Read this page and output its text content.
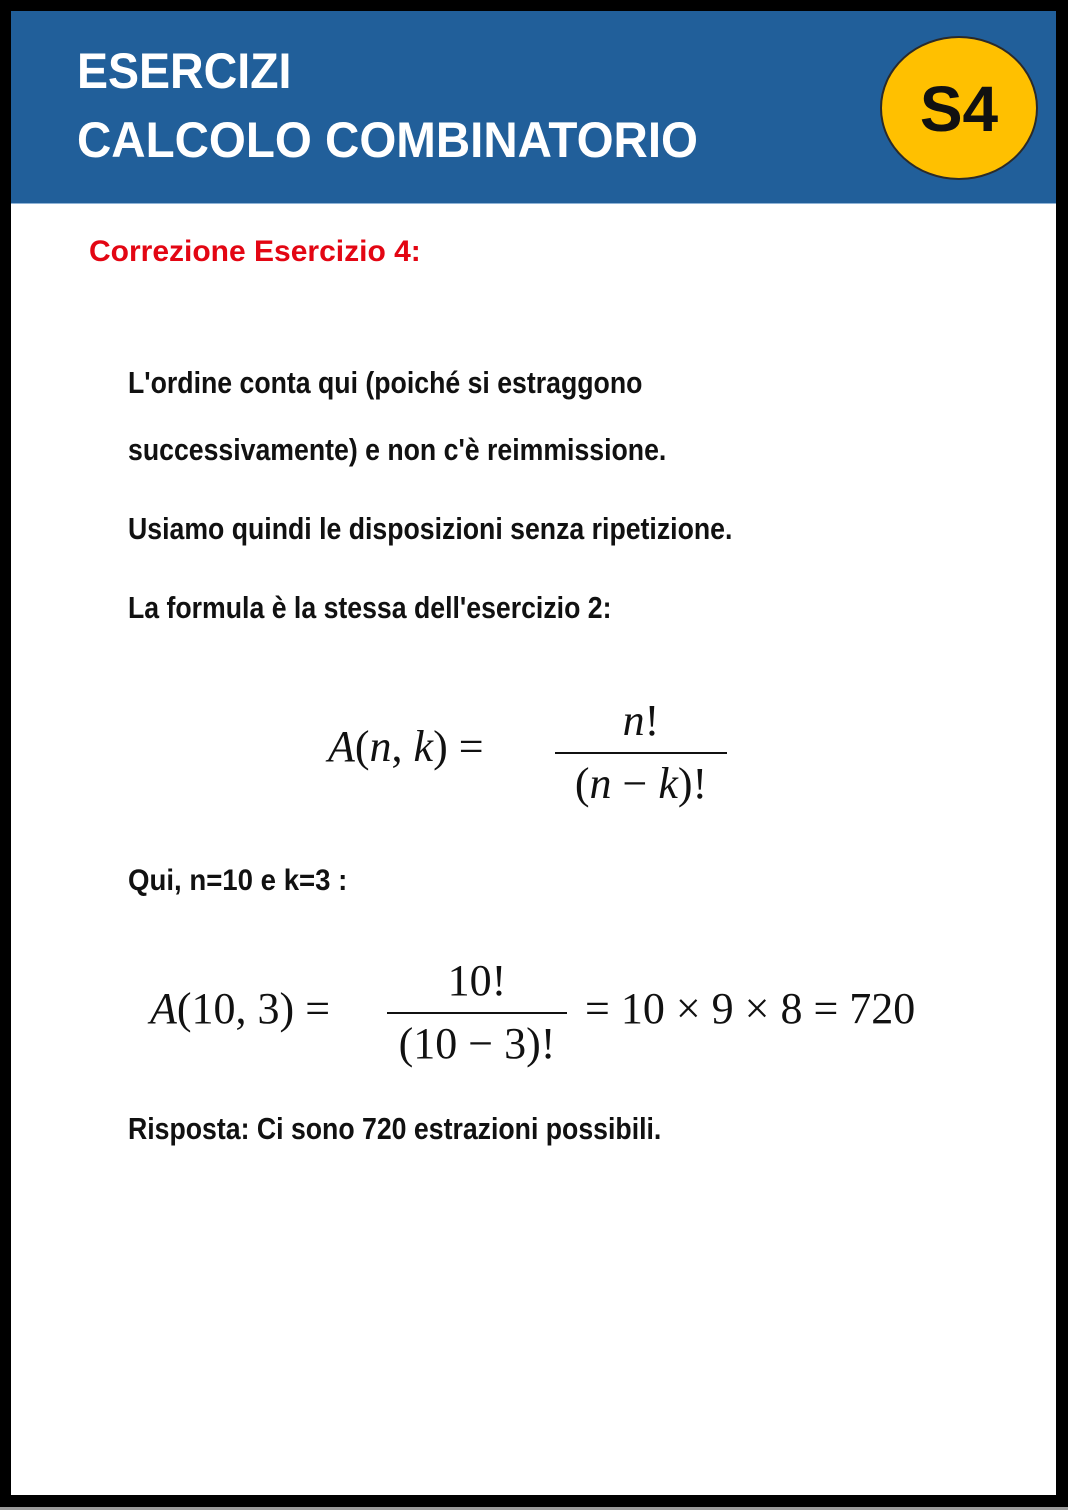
ESERCIZI
CALCOLO COMBINATORIO	S4
Correzione Esercizio 4:
L'ordine conta qui (poiché si estraggono
successivamente) e non c'è reimmissione.
Usiamo quindi le disposizioni senza ripetizione.
La formula è la stessa dell'esercizio 2:
A(n, k) =
n!
(n − k)!
Qui, n=10 e k=3 :
A(10, 3) =
10!
(10 − 3)!
= 10 × 9 × 8 = 720
Risposta: Ci sono 720 estrazioni possibili.
